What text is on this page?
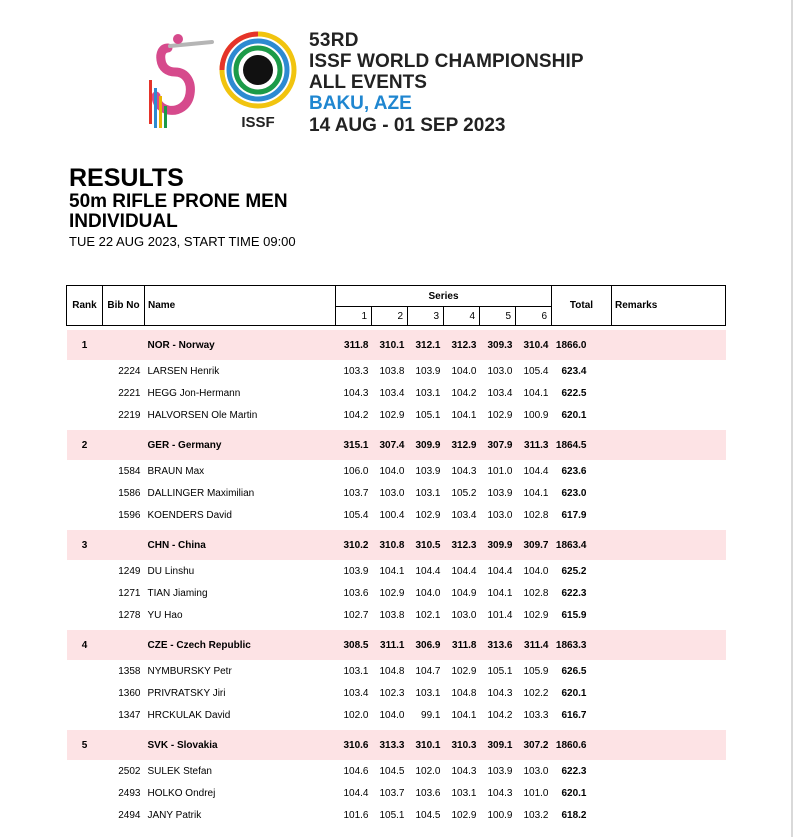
ISSF
53RD
ISSF WORLD CHAMPIONSHIP
ALL EVENTS
BAKU, AZE
14 AUG - 01 SEP 2023
RESULTS
50m RIFLE PRONE MEN
INDIVIDUAL
TUE 22 AUG 2023, START TIME 09:00
Rank	Bib No	Name	Series						Total	Remarks
			1	2	3	4	5	6		

1		NOR - Norway	311.8	310.1	312.1	312.3	309.3	310.4	1866.0	
	2224	LARSEN Henrik	103.3	103.8	103.9	104.0	103.0	105.4	623.4	
	2221	HEGG Jon-Hermann	104.3	103.4	103.1	104.2	103.4	104.1	622.5	
	2219	HALVORSEN Ole Martin	104.2	102.9	105.1	104.1	102.9	100.9	620.1	

2		GER - Germany	315.1	307.4	309.9	312.9	307.9	311.3	1864.5	
	1584	BRAUN Max	106.0	104.0	103.9	104.3	101.0	104.4	623.6	
	1586	DALLINGER Maximilian	103.7	103.0	103.1	105.2	103.9	104.1	623.0	
	1596	KOENDERS David	105.4	100.4	102.9	103.4	103.0	102.8	617.9	

3		CHN - China	310.2	310.8	310.5	312.3	309.9	309.7	1863.4	
	1249	DU Linshu	103.9	104.1	104.4	104.4	104.4	104.0	625.2	
	1271	TIAN Jiaming	103.6	102.9	104.0	104.9	104.1	102.8	622.3	
	1278	YU Hao	102.7	103.8	102.1	103.0	101.4	102.9	615.9	

4		CZE - Czech Republic	308.5	311.1	306.9	311.8	313.6	311.4	1863.3	
	1358	NYMBURSKY Petr	103.1	104.8	104.7	102.9	105.1	105.9	626.5	
	1360	PRIVRATSKY Jiri	103.4	102.3	103.1	104.8	104.3	102.2	620.1	
	1347	HRCKULAK David	102.0	104.0	99.1	104.1	104.2	103.3	616.7	

5		SVK - Slovakia	310.6	313.3	310.1	310.3	309.1	307.2	1860.6	
	2502	SULEK Stefan	104.6	104.5	102.0	104.3	103.9	103.0	622.3	
	2493	HOLKO Ondrej	104.4	103.7	103.6	103.1	104.3	101.0	620.1	
	2494	JANY Patrik	101.6	105.1	104.5	102.9	100.9	103.2	618.2	
